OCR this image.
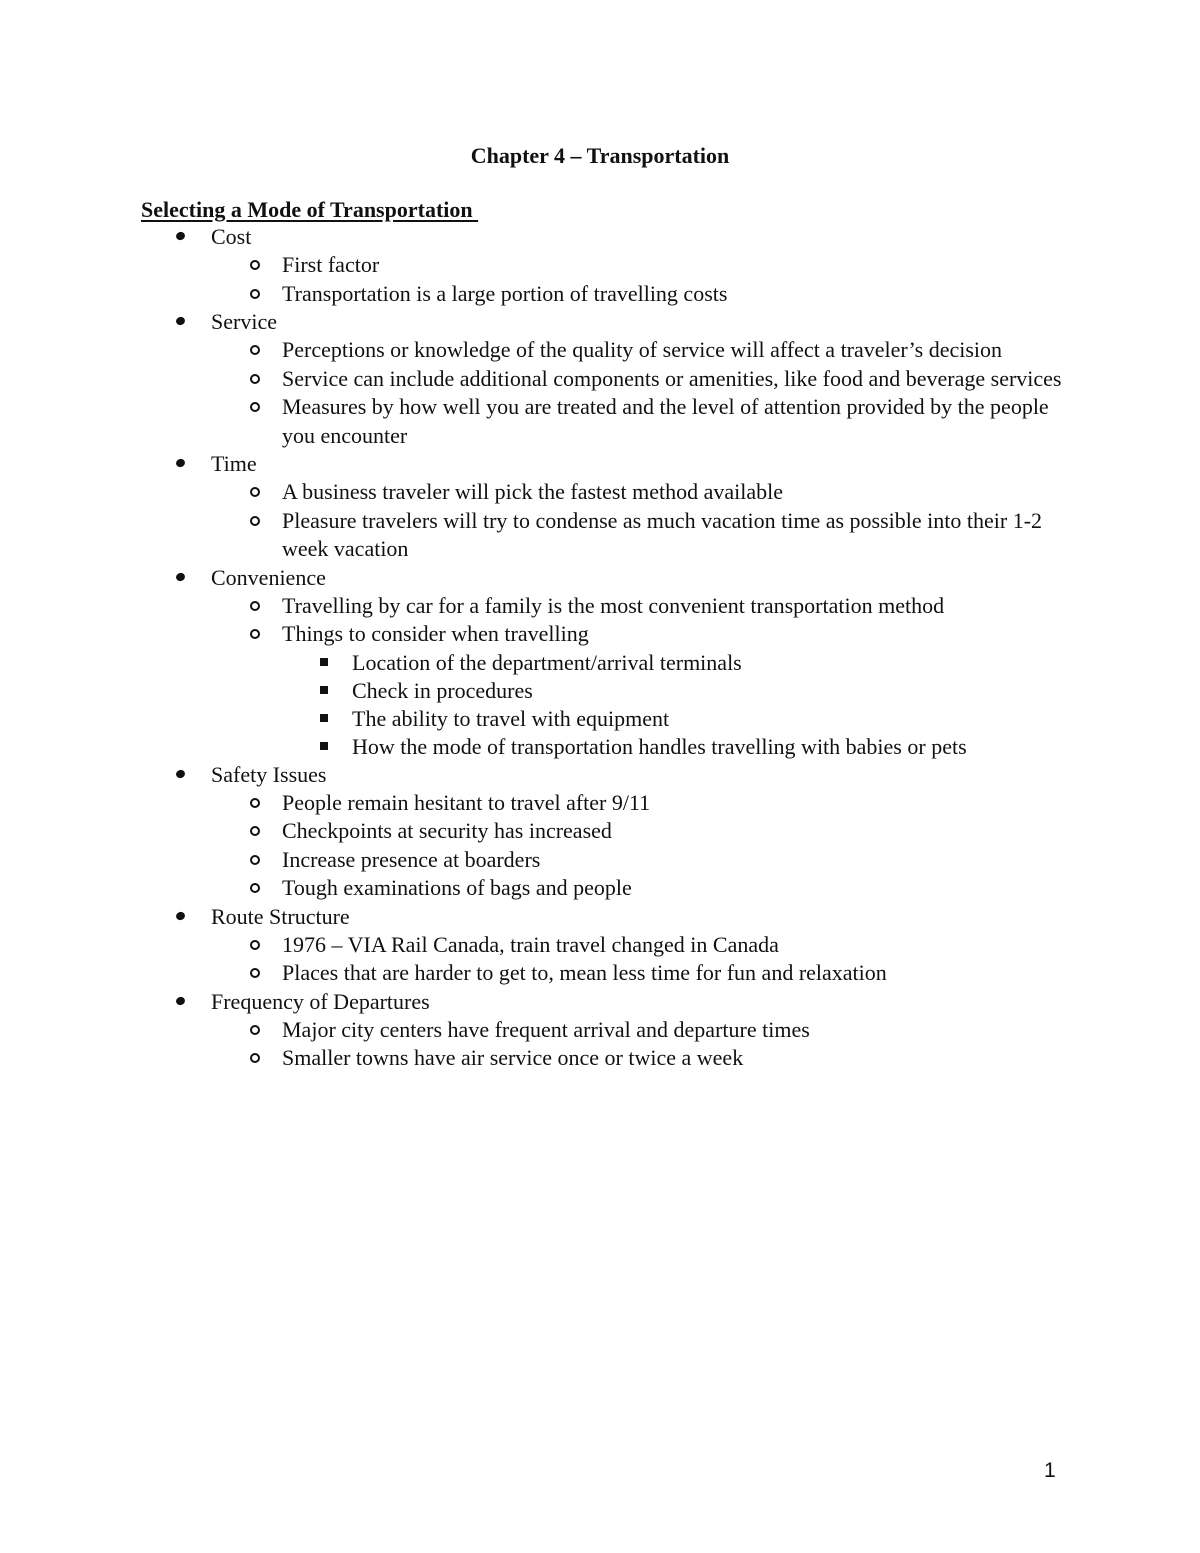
Chapter 4 – Transportation
Selecting a Mode of Transportation
Cost
First factor
Transportation is a large portion of travelling costs
Service
Perceptions or knowledge of the quality of service will affect a traveler’s decision
Service can include additional components or amenities, like food and beverage services
Measures by how well you are treated and the level of attention provided by the people you encounter
Time
A business traveler will pick the fastest method available
Pleasure travelers will try to condense as much vacation time as possible into their 1-2 week vacation
Convenience
Travelling by car for a family is the most convenient transportation method
Things to consider when travelling
Location of the department/arrival terminals
Check in procedures
The ability to travel with equipment
How the mode of transportation handles travelling with babies or pets
Safety Issues
People remain hesitant to travel after 9/11
Checkpoints at security has increased
Increase presence at boarders
Tough examinations of bags and people
Route Structure
1976 – VIA Rail Canada, train travel changed in Canada
Places that are harder to get to, mean less time for fun and relaxation
Frequency of Departures
Major city centers have frequent arrival and departure times
Smaller towns have air service once or twice a week
1
